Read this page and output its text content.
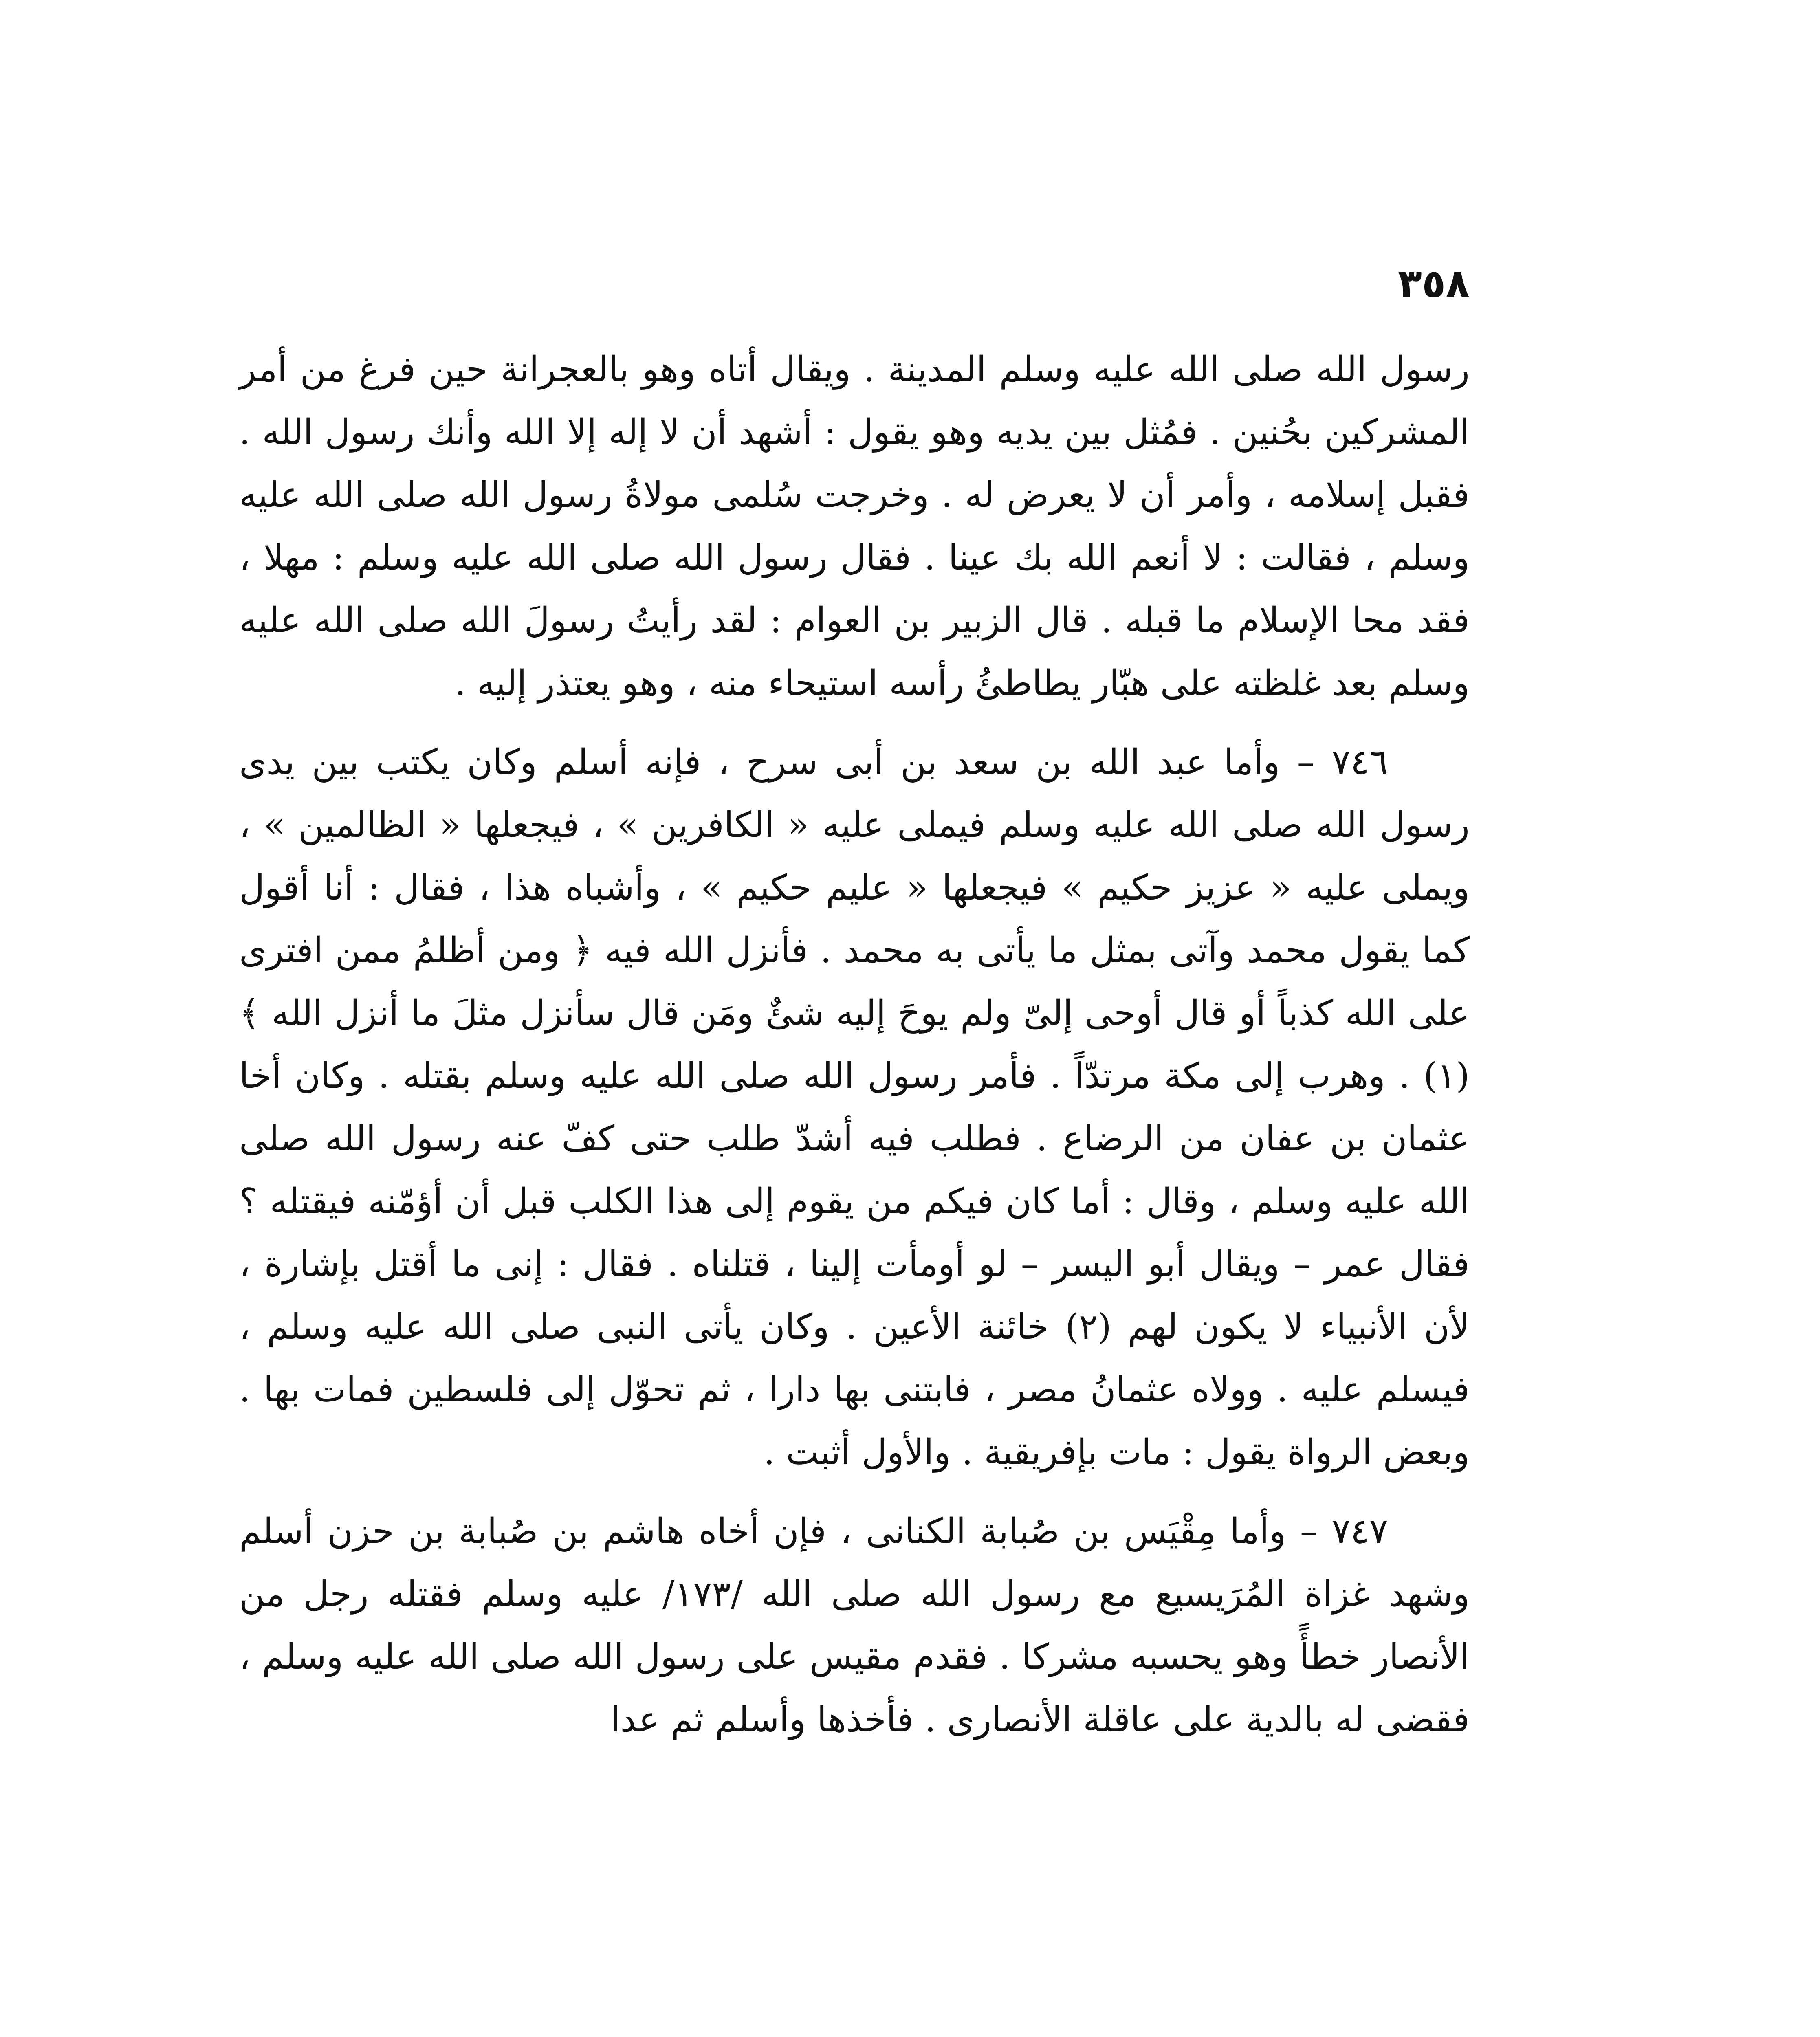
٣٥٨

رسول الله صلى الله عليه وسلم المدينة . ويقال أتاه وهو بالعجرانة حين فرغ من أمر المشركين بحُنين . فمُثل بين يديه وهو يقول : أشهد أن لا إله إلا الله وأنك رسول الله . فقبل إسلامه ، وأمر أن لا يعرض له . وخرجت سُلمى مولاةُ رسول الله صلى الله عليه وسلم ، فقالت : لا أنعم الله بك عينا . فقال رسول الله صلى الله عليه وسلم : مهلا ، فقد محا الإسلام ما قبله . قال الزبير بن العوام : لقد رأيتُ رسولَ الله صلى الله عليه وسلم بعد غلظته على هبّار يطاطئُ رأسه استيحاء منه ، وهو يعتذر إليه .

٧٤٦ – وأما عبد الله بن سعد بن أبى سرح ، فإنه أسلم وكان يكتب بين يدى رسول الله صلى الله عليه وسلم فيملى عليه « الكافرين » ، فيجعلها « الظالمين » ، ويملى عليه « عزيز حكيم » فيجعلها « عليم حكيم » ، وأشباه هذا ، فقال : أنا أقول كما يقول محمد وآتى بمثل ما يأتى به محمد . فأنزل الله فيه ﴿ ومن أظلمُ ممن افترى على الله كذباً أو قال أوحى إلىّ ولم يوحَ إليه شئٌ ومَن قال سأنزل مثلَ ما أنزل الله ﴾ (١) . وهرب إلى مكة مرتدّاً . فأمر رسول الله صلى الله عليه وسلم بقتله . وكان أخا عثمان بن عفان من الرضاع . فطلب فيه أشدّ طلب حتى كفّ عنه رسول الله صلى الله عليه وسلم ، وقال : أما كان فيكم من يقوم إلى هذا الكلب قبل أن أؤمّنه فيقتله ؟ فقال عمر – ويقال أبو اليسر – لو أومأت إلينا ، قتلناه . فقال : إنى ما أقتل بإشارة ، لأن الأنبياء لا يكون لهم (٢) خائنة الأعين . وكان يأتى النبى صلى الله عليه وسلم ، فيسلم عليه . وولاه عثمانُ مصر ، فابتنى بها دارا ، ثم تحوّل إلى فلسطين فمات بها . وبعض الرواة يقول : مات بإفريقية . والأول أثبت .

٧٤٧ – وأما مِقْيَس بن صُبابة الكنانى ، فإن أخاه هاشم بن صُبابة بن حزن أسلم وشهد غزاة المُرَيسيع مع رسول الله صلى الله /١٧٣/ عليه وسلم فقتله رجل من الأنصار خطأً وهو يحسبه مشركا . فقدم مقيس على رسول الله صلى الله عليه وسلم ، فقضى له بالدية على عاقلة الأنصارى . فأخذها وأسلم ثم عدا
